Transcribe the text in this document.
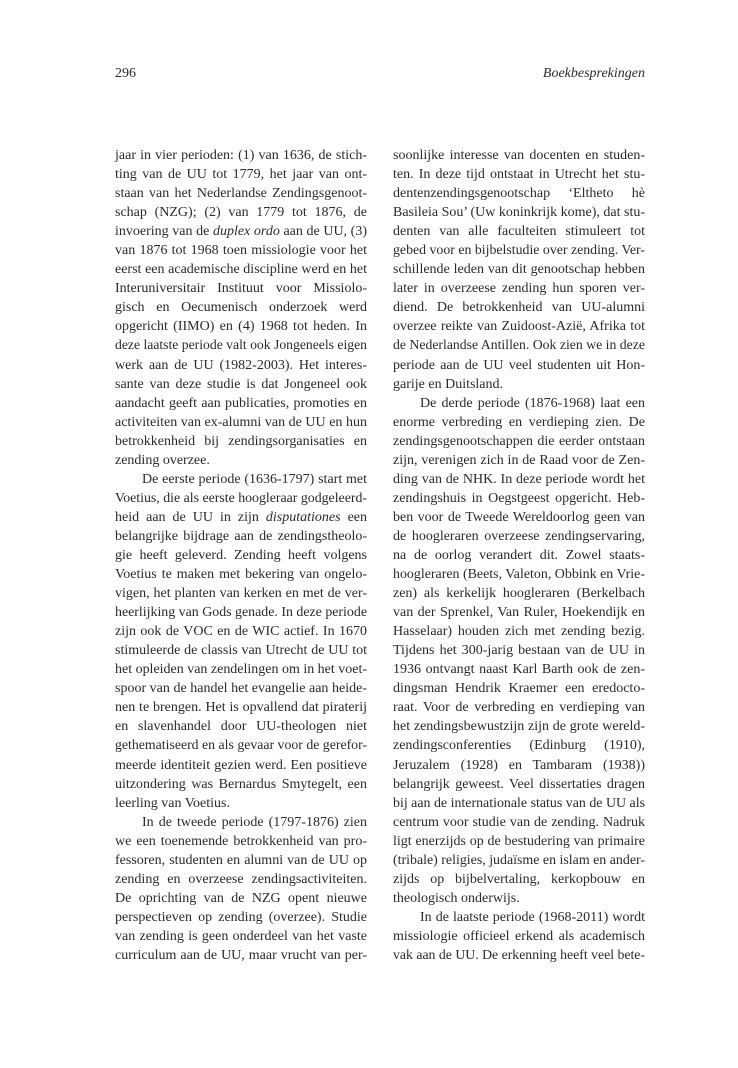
296	Boekbesprekingen
jaar in vier perioden: (1) van 1636, de stich-
ting van de UU tot 1779, het jaar van ont-
staan van het Nederlandse Zendingsgenoot-
schap (NZG); (2) van 1779 tot 1876, de
invoering van de duplex ordo aan de UU, (3)
van 1876 tot 1968 toen missiologie voor het
eerst een academische discipline werd en het
Interuniversitair Instituut voor Missiolo-
gisch en Oecumenisch onderzoek werd
opgericht (IIMO) en (4) 1968 tot heden. In
deze laatste periode valt ook Jongeneels eigen
werk aan de UU (1982-2003). Het interes-
sante van deze studie is dat Jongeneel ook
aandacht geeft aan publicaties, promoties en
activiteiten van ex-alumni van de UU en hun
betrokkenheid bij zendingsorganisaties en
zending overzee.
De eerste periode (1636-1797) start met
Voetius, die als eerste hoogleraar godgeleerd-
heid aan de UU in zijn disputationes een
belangrijke bijdrage aan de zendingstheolo-
gie heeft geleverd. Zending heeft volgens
Voetius te maken met bekering van ongelo-
vigen, het planten van kerken en met de ver-
heerlijking van Gods genade. In deze periode
zijn ook de VOC en de WIC actief. In 1670
stimuleerde de classis van Utrecht de UU tot
het opleiden van zendelingen om in het voet-
spoor van de handel het evangelie aan heide-
nen te brengen. Het is opvallend dat piraterij
en slavenhandel door UU-theologen niet
gethematiseerd en als gevaar voor de gerefor-
meerde identiteit gezien werd. Een positieve
uitzondering was Bernardus Smytegelt, een
leerling van Voetius.
In de tweede periode (1797-1876) zien
we een toenemende betrokkenheid van pro-
fessoren, studenten en alumni van de UU op
zending en overzeese zendingsactiviteiten.
De oprichting van de NZG opent nieuwe
perspectieven op zending (overzee). Studie
van zending is geen onderdeel van het vaste
curriculum aan de UU, maar vrucht van per-
soonlijke interesse van docenten en studen-
ten. In deze tijd ontstaat in Utrecht het stu-
dentenzendingsgenootschap ‘Eltheto hè
Basileia Sou’ (Uw koninkrijk kome), dat stu-
denten van alle faculteiten stimuleert tot
gebed voor en bijbelstudie over zending. Ver-
schillende leden van dit genootschap hebben
later in overzeese zending hun sporen ver-
diend. De betrokkenheid van UU-alumni
overzee reikte van Zuidoost-Azië, Afrika tot
de Nederlandse Antillen. Ook zien we in deze
periode aan de UU veel studenten uit Hon-
garije en Duitsland.
De derde periode (1876-1968) laat een
enorme verbreding en verdieping zien. De
zendingsgenootschappen die eerder ontstaan
zijn, verenigen zich in de Raad voor de Zen-
ding van de NHK. In deze periode wordt het
zendingshuis in Oegstgeest opgericht. Heb-
ben voor de Tweede Wereldoorlog geen van
de hoogleraren overzeese zendingservaring,
na de oorlog verandert dit. Zowel staats-
hoogleraren (Beets, Valeton, Obbink en Vrie-
zen) als kerkelijk hoogleraren (Berkelbach
van der Sprenkel, Van Ruler, Hoekendijk en
Hasselaar) houden zich met zending bezig.
Tijdens het 300-jarig bestaan van de UU in
1936 ontvangt naast Karl Barth ook de zen-
dingsman Hendrik Kraemer een eredocto-
raat. Voor de verbreding en verdieping van
het zendingsbewustzijn zijn de grote wereld-
zendingsconferenties (Edinburg (1910),
Jeruzalem (1928) en Tambaram (1938))
belangrijk geweest. Veel dissertaties dragen
bij aan de internationale status van de UU als
centrum voor studie van de zending. Nadruk
ligt enerzijds op de bestudering van primaire
(tribale) religies, judaïsme en islam en ander-
zijds op bijbelvertaling, kerkopbouw en
theologisch onderwijs.
In de laatste periode (1968-2011) wordt
missiologie officieel erkend als academisch
vak aan de UU. De erkenning heeft veel bete-
